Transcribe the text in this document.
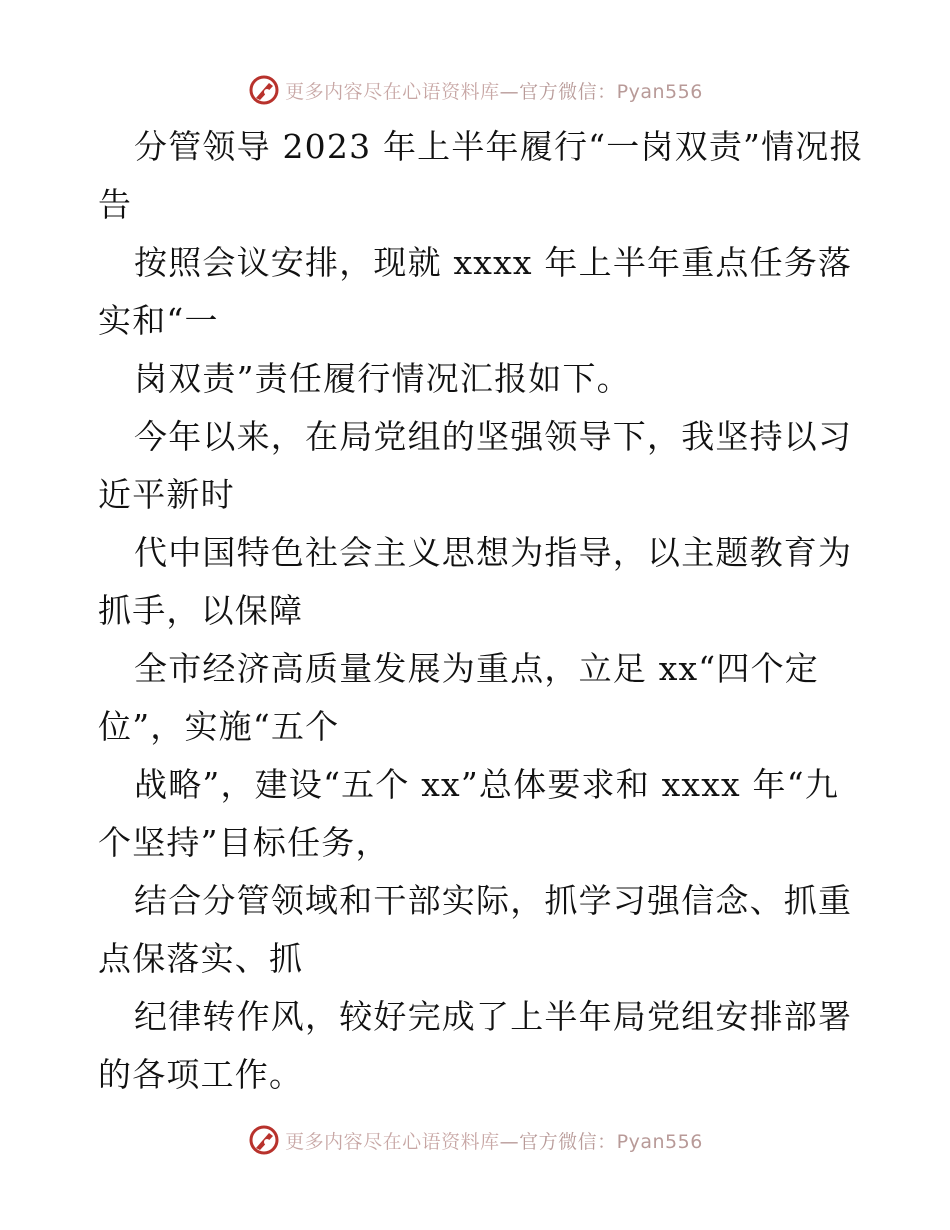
更多内容尽在心语资料库 —官方微信：Pyan556

分管领导 2023 年上半年履行“一岗双责”情况报告

按照会议安排，现就 xxxx 年上半年重点任务落实和“一

岗双责”责任履行情况汇报如下。

今年以来，在局党组的坚强领导下，我坚持以习近平新时

代中国特色社会主义思想为指导，以主题教育为抓手，以保障

全市经济高质量发展为重点，立足 xx“四个定位”，实施“五个

战略”，建设“五个 xx”总体要求和 xxxx 年“九个坚持”目标任务，

结合分管领域和干部实际，抓学习强信念、抓重点保落实、抓

纪律转作风，较好完成了上半年局党组安排部署的各项工作。

更多内容尽在心语资料库 —官方微信：Pyan556
